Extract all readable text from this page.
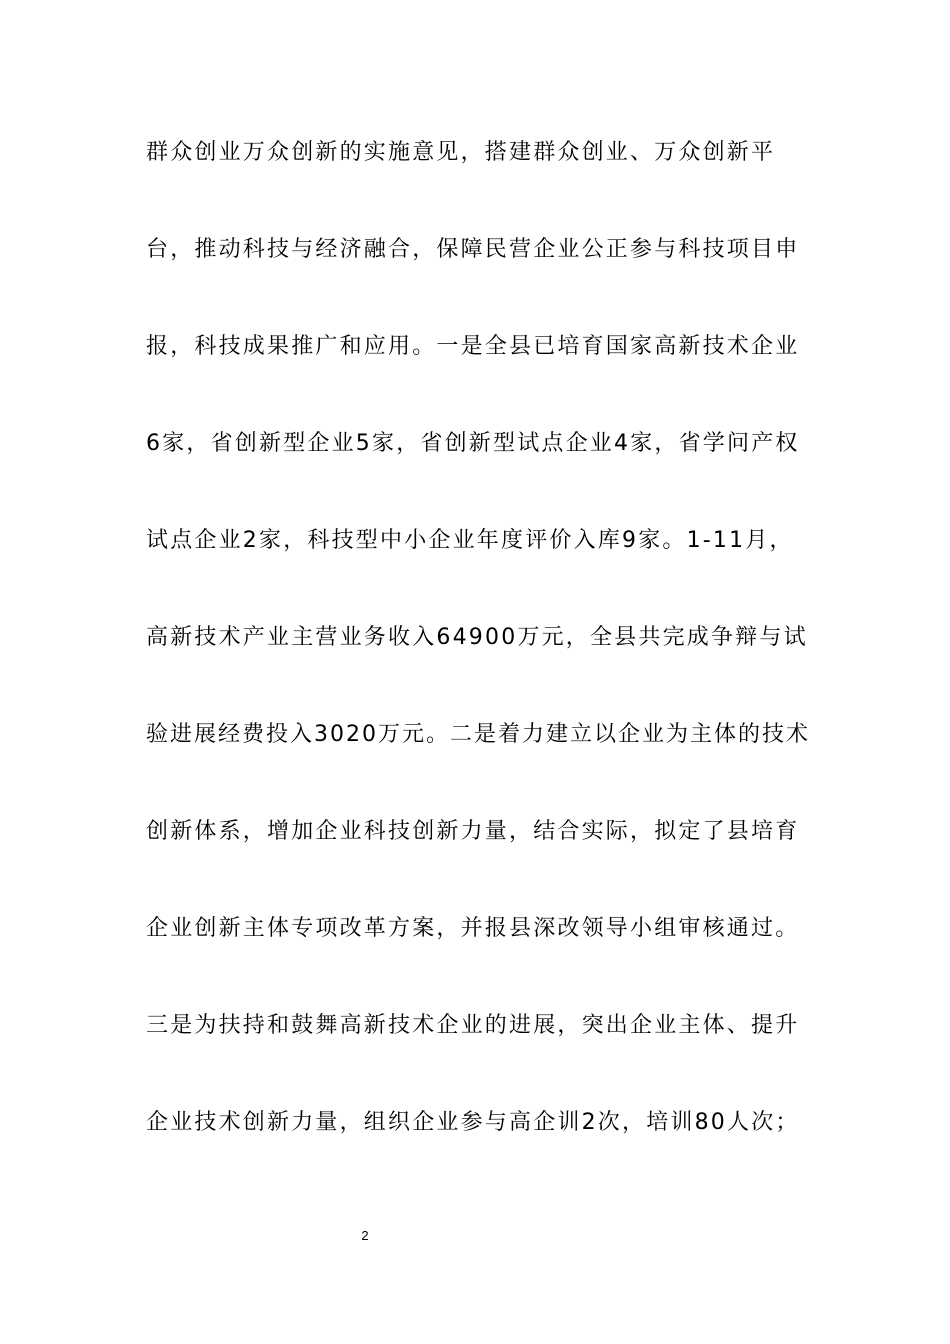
群众创业万众创新的实施意见，搭建群众创业、万众创新平
台，推动科技与经济融合，保障民营企业公正参与科技项目申
报，科技成果推广和应用。一是全县已培育国家高新技术企业
6家，省创新型企业5家，省创新型试点企业4家，省学问产权
试点企业2家，科技型中小企业年度评价入库9家。1-11月，
高新技术产业主营业务收入64900万元，全县共完成争辩与试
验进展经费投入3020万元。二是着力建立以企业为主体的技术
创新体系，增加企业科技创新力量，结合实际，拟定了县培育
企业创新主体专项改革方案，并报县深改领导小组审核通过。
三是为扶持和鼓舞高新技术企业的进展，突出企业主体、提升
企业技术创新力量，组织企业参与高企训2次，培训80人次；
2
